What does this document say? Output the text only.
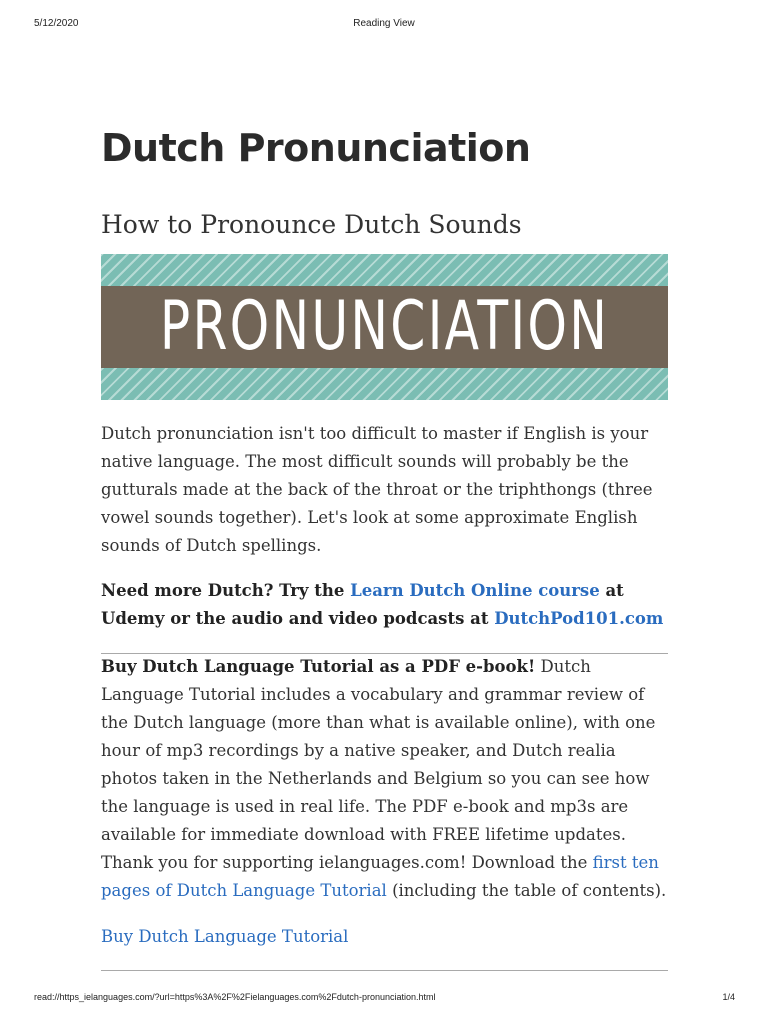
5/12/2020	Reading View
Dutch Pronunciation
How to Pronounce Dutch Sounds
PRONUNCIATION

Dutch pronunciation isn't too difficult to master if English is your native language. The most difficult sounds will probably be the gutturals made at the back of the throat or the triphthongs (three vowel sounds together). Let's look at some approximate English sounds of Dutch spellings.

Need more Dutch? Try the Learn Dutch Online course at Udemy or the audio and video podcasts at DutchPod101.com

Buy Dutch Language Tutorial as a PDF e-book! Dutch Language Tutorial includes a vocabulary and grammar review of the Dutch language (more than what is available online), with one hour of mp3 recordings by a native speaker, and Dutch realia photos taken in the Netherlands and Belgium so you can see how the language is used in real life. The PDF e-book and mp3s are available for immediate download with FREE lifetime updates. Thank you for supporting ielanguages.com! Download the first ten pages of Dutch Language Tutorial (including the table of contents).

Buy Dutch Language Tutorial

read://https_ielanguages.com/?url=https%3A%2F%2Fielanguages.com%2Fdutch-pronunciation.html	1/4
